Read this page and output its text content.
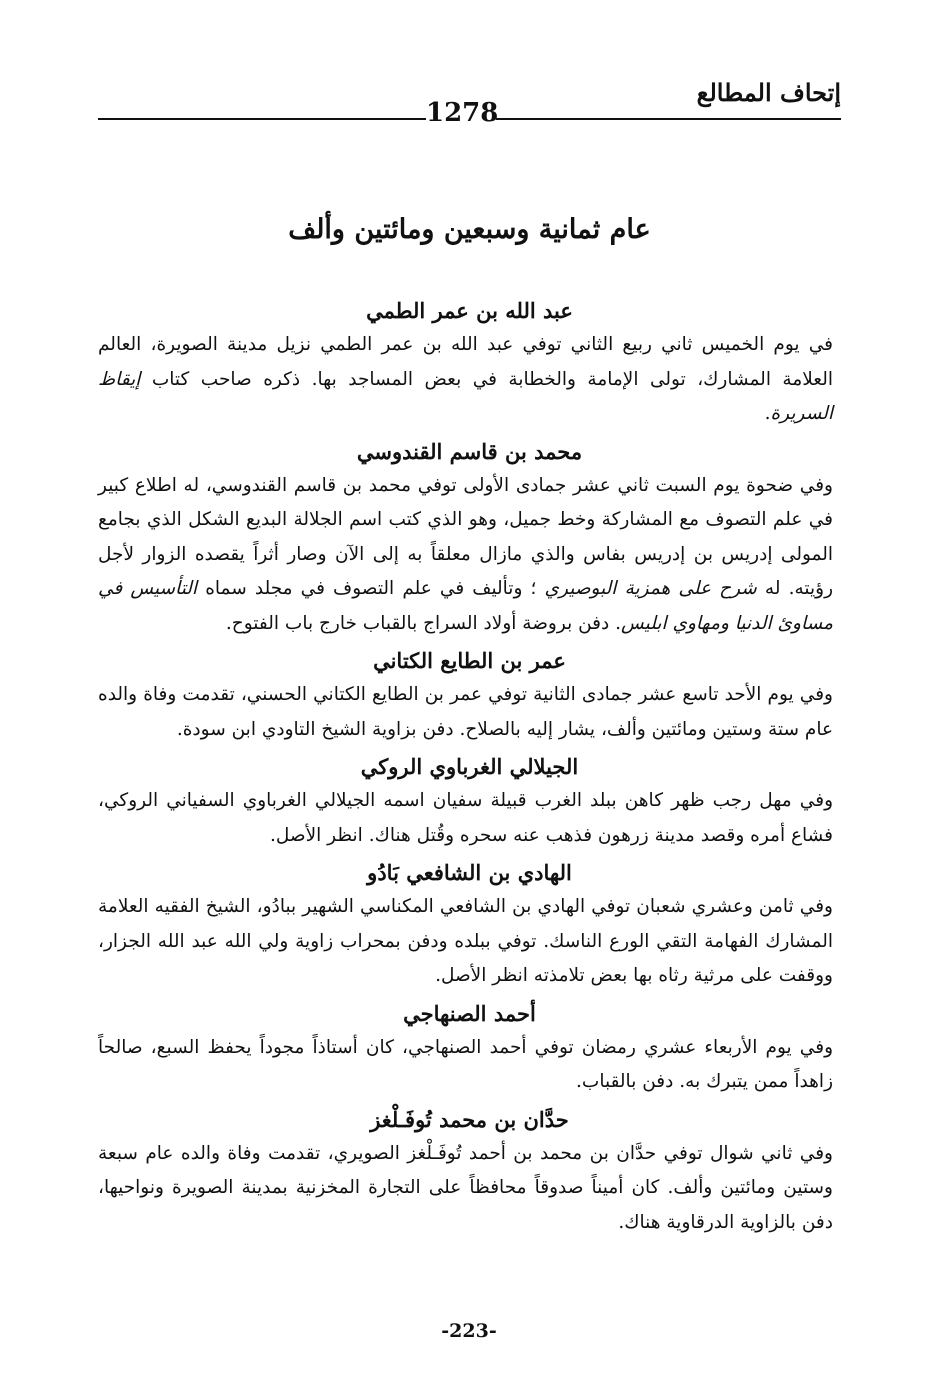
إتحاف المطالع
1278
عام ثمانية وسبعين ومائتين وألف
عبد الله بن عمر الطمي

في يوم الخميس ثاني ربيع الثاني توفي عبد الله بن عمر الطمي نزيل مدينة الصويرة، العالم العلامة المشارك، تولى الإمامة والخطابة في بعض المساجد بها. ذكره صاحب كتاب إيقاظ السريرة.

محمد بن قاسم القندوسي

وفي ضحوة يوم السبت ثاني عشر جمادى الأولى توفي محمد بن قاسم القندوسي، له اطلاع كبير في علم التصوف مع المشاركة وخط جميل، وهو الذي كتب اسم الجلالة البديع الشكل الذي بجامع المولى إدريس بن إدريس بفاس والذي مازال معلقاً به إلى الآن وصار أثراً يقصده الزوار لأجل رؤيته. له شرح على همزية البوصيري ؛ وتأليف في علم التصوف في مجلد سماه التأسيس في مساوئ الدنيا ومهاوي ابليس. دفن بروضة أولاد السراج بالقباب خارج باب الفتوح.

عمر بن الطايع الكتاني

وفي يوم الأحد تاسع عشر جمادى الثانية توفي عمر بن الطايع الكتاني الحسني، تقدمت وفاة والده عام ستة وستين ومائتين وألف، يشار إليه بالصلاح. دفن بزاوية الشيخ التاودي ابن سودة.

الجيلالي الغرباوي الروكي

وفي مهل رجب ظهر كاهن ببلد الغرب قبيلة سفيان اسمه الجيلالي الغرباوي السفياني الروكي، فشاع أمره وقصد مدينة زرهون فذهب عنه سحره وقُتل هناك. انظر الأصل.

الهادي بن الشافعي بَادُو

وفي ثامن وعشري شعبان توفي الهادي بن الشافعي المكناسي الشهير ببادُو، الشيخ الفقيه العلامة المشارك الفهامة التقي الورع الناسك. توفي ببلده ودفن بمحراب زاوية ولي الله عبد الله الجزار، ووقفت على مرثية رثاه بها بعض تلامذته انظر الأصل.

أحمد الصنهاجي

وفي يوم الأربعاء عشري رمضان توفي أحمد الصنهاجي، كان أستاذاً مجوداً يحفظ السبع، صالحاً زاهداً ممن يتبرك به. دفن بالقباب.

حدَّان بن محمد تُوفَـلْغز

وفي ثاني شوال توفي حدَّان بن محمد بن أحمد تُوفَـلْغز الصويري، تقدمت وفاة والده عام سبعة وستين ومائتين وألف. كان أميناً صدوقاً محافظاً على التجارة المخزنية بمدينة الصويرة ونواحيها، دفن بالزاوية الدرقاوية هناك.

-223-
